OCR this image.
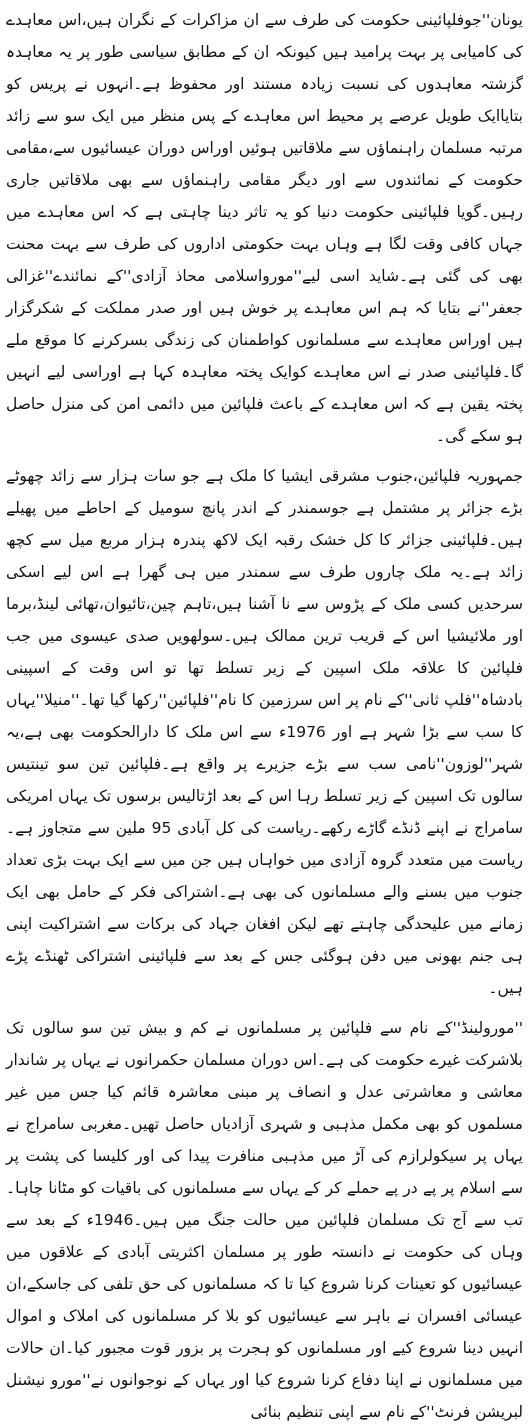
یونان''جوفلپائینی حکومت کی طرف سے ان مزاکرات کے نگران ہیں،اس معاہدے کی کامیابی پر بہت پرامید ہیں کیونکہ ان کے مطابق سیاسی طور پر یہ معاہدہ گزشتہ معاہدوں کی نسبت زیادہ مستند اور محفوظ ہے۔انہوں نے پریس کو بتایاایک طویل عرصے پر محیط اس معاہدے کے پس منظر میں ایک سو سے زائد مرتبہ مسلمان راہنماؤں سے ملاقاتیں ہوئیں اوراس دوران عیسائیوں سے،مقامی حکومت کے نمائندوں سے اور دیگر مقامی راہنماؤں سے بھی ملاقاتیں جاری رہیں۔گویا فلپائینی حکومت دنیا کو یہ تاثر دینا چاہتی ہے کہ اس معاہدے میں جہاں کافی وقت لگا ہے وہاں بہت حکومتی اداروں کی طرف سے بہت محنت بھی کی گئی ہے۔شاید اسی لیے''مورواسلامی محاذ آزادی''کے نمائندے''غزالی جعفر''نے بتایا کہ ہم اس معاہدے پر خوش ہیں اور صدر مملکت کے شکرگزار ہیں اوراس معاہدے سے مسلمانوں کواطمنان کی زندگی بسرکرنے کا موقع ملے گا۔فلپائینی صدر نے اس معاہدے کوایک پختہ معاہدہ کہا ہے اوراسی لیے انہیں پختہ یقین ہے کہ اس معاہدے کے باعث فلپائین میں دائمی امن کی منزل حاصل ہو سکے گی۔

جمہوریہ فلپائین،جنوب مشرقی ایشیا کا ملک ہے جو سات ہزار سے زائد چھوٹے بڑے جزائر پر مشتمل ہے جوسمندر کے اندر پانچ سومیل کے احاطے میں پھیلے ہیں۔فلپائینی جزائر کا کل خشک رقبہ ایک لاکھ پندرہ ہزار مربع میل سے کچھ زائد ہے۔یہ ملک چاروں طرف سے سمندر میں ہی گھرا ہے اس لیے اسکی سرحدیں کسی ملک کے پڑوس سے نا آشنا ہیں،تاہم چین،تائیوان،تھائی لینڈ،برما اور ملائیشیا اس کے قریب ترین ممالک ہیں۔سولھویں صدی عیسوی میں جب فلپائین کا علاقہ ملک اسپین کے زیر تسلط تھا تو اس وقت کے اسپینی بادشاہ''فلپ ثانی''کے نام پر اس سرزمین کا نام''فلپائین''رکھا گیا تھا۔''منیلا''یہاں کا سب سے بڑا شہر ہے اور 1976ء سے اس ملک کا دارالحکومت بھی ہے،یہ شہر''لوزون''نامی سب سے بڑے جزیرے پر واقع ہے۔فلپائین تین سو تینتیس سالوں تک اسپین کے زیر تسلط رہا اس کے بعد اڑتالیس برسوں تک یہاں امریکی سامراج نے اپنے ڈنڈے گاڑے رکھے۔ریاست کی کل آبادی 95 ملین سے متجاوز ہے۔ریاست میں متعدد گروہ آزادی میں خواہاں ہیں جن میں سے ایک بہت بڑی تعداد جنوب میں بسنے والے مسلمانوں کی بھی ہے۔اشتراکی فکر کے حامل بھی ایک زمانے میں علیحدگی چاہتے تھے لیکن افغان جہاد کی برکات سے اشتراکیت اپنی ہی جنم بھونی میں دفن ہوگئی جس کے بعد سے فلپائینی اشتراکی ٹھنڈے پڑے ہیں۔

''مورولینڈ''کے نام سے فلپائین پر مسلمانوں نے کم و بیش تین سو سالوں تک بلاشرکت غیرے حکومت کی ہے۔اس دوران مسلمان حکمرانوں نے یہاں پر شاندار معاشی و معاشرتی عدل و انصاف پر مبنی معاشرہ قائم کیا جس میں غیر مسلموں کو بھی مکمل مذہبی و شہری آزادیاں حاصل تھیں۔مغربی سامراج نے یہاں پر سیکولرازم کی آڑ میں مذہبی منافرت پیدا کی اور کلیسا کی پشت پر سے اسلام پر پے در پے حملے کر کے یہاں سے مسلمانوں کی باقیات کو مٹانا چاہا۔تب سے آج تک مسلمان فلپائین میں حالت جنگ میں ہیں۔1946ء کے بعد سے وہاں کی حکومت نے دانستہ طور پر مسلمان اکثریتی آبادی کے علاقوں میں عیسائیوں کو تعینات کرنا شروع کیا تا کہ مسلمانوں کی حق تلفی کی جاسکے،ان عیسائی افسران نے باہر سے عیسائیوں کو بلا کر مسلمانوں کی املاک و اموال انہیں دینا شروع کیے اور مسلمانوں کو ہجرت پر بزور قوت مجبور کیا۔ان حالات میں مسلمانوں نے اپنا دفاع کرنا شروع کیا اور یہاں کے نوجوانوں نے''مورو نیشنل لبریشن فرنٹ''کے نام سے اپنی تنظیم بنائی
